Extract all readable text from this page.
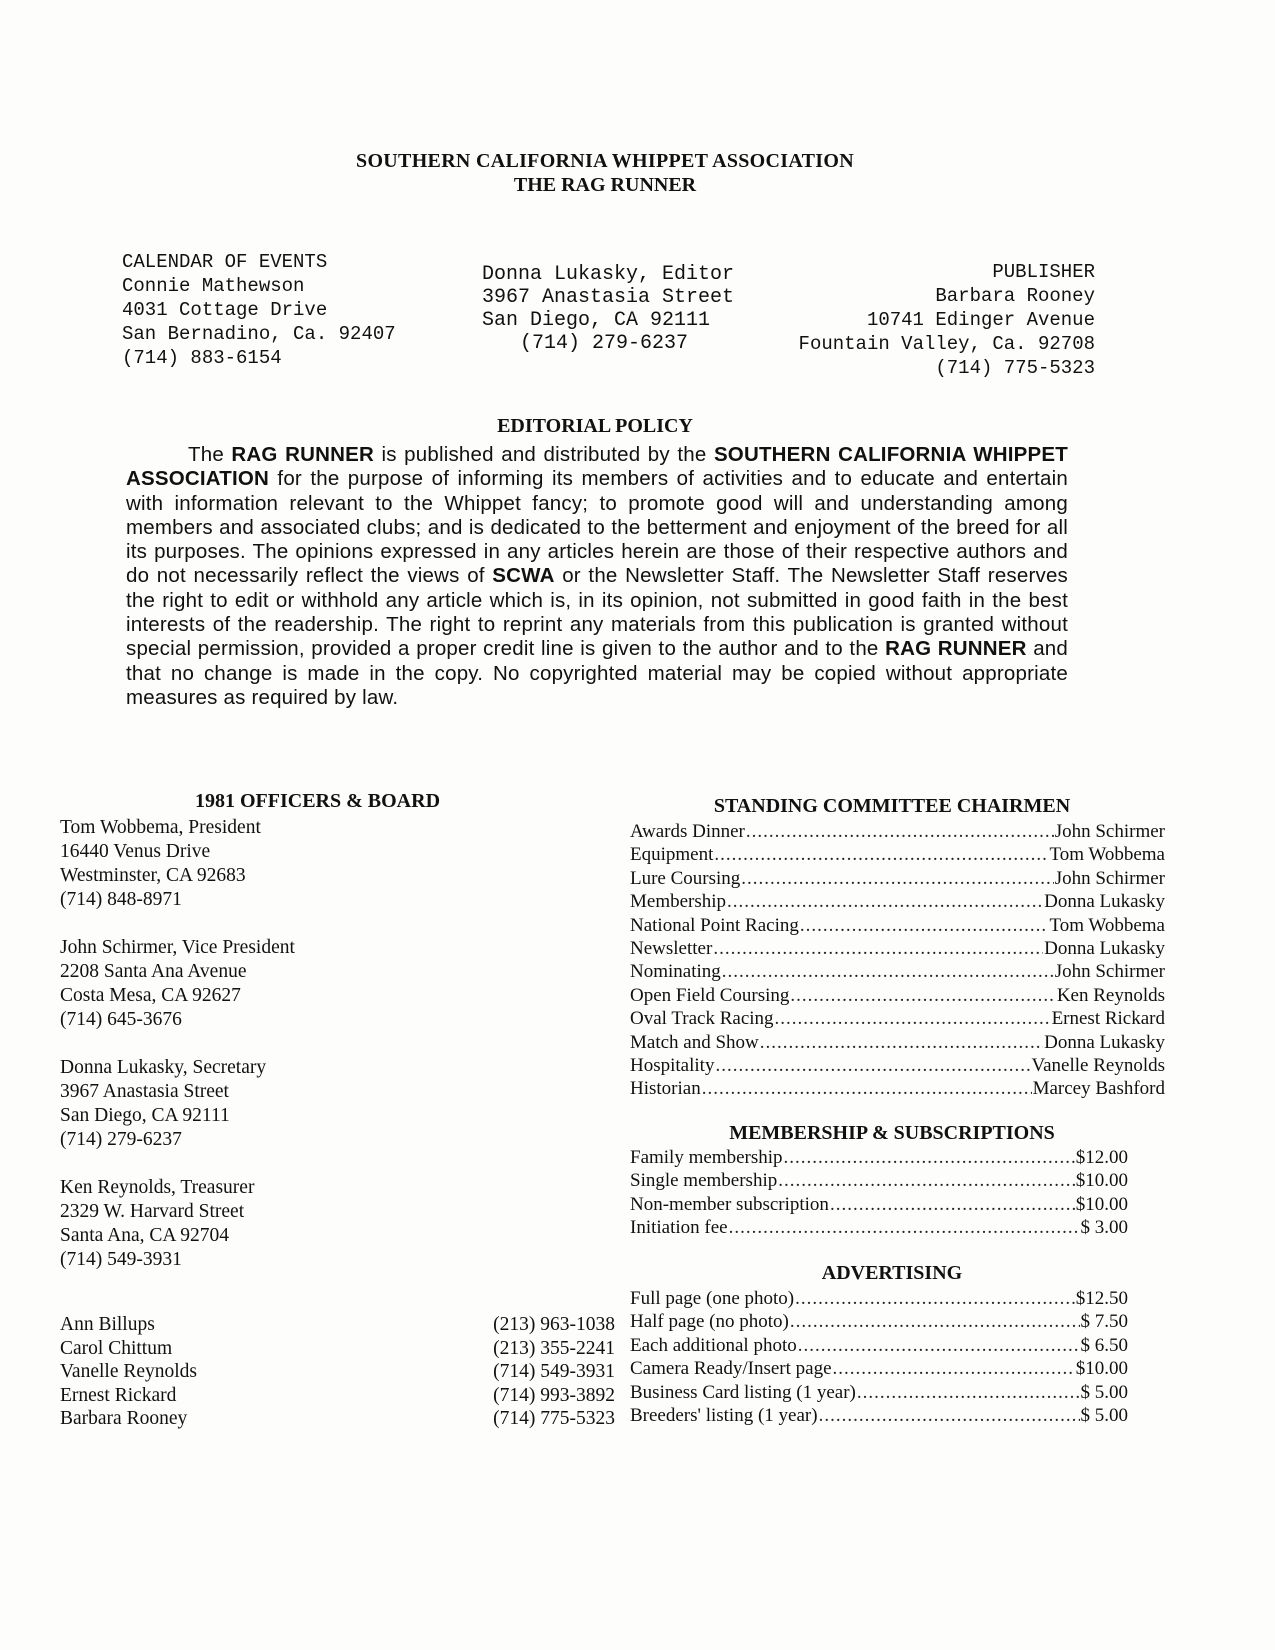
SOUTHERN CALIFORNIA WHIPPET ASSOCIATION
THE RAG RUNNER
CALENDAR OF EVENTS
Connie Mathewson
4031 Cottage Drive
San Bernadino, Ca. 92407
(714) 883-6154
Donna Lukasky, Editor
3967 Anastasia Street
San Diego, CA 92111
(714) 279-6237
PUBLISHER
Barbara Rooney
10741 Edinger Avenue
Fountain Valley, Ca. 92708
(714) 775-5323
EDITORIAL POLICY

The RAG RUNNER is published and distributed by the SOUTHERN CALIFORNIA WHIPPET ASSOCIATION for the purpose of informing its members of activities and to educate and entertain with information relevant to the Whippet fancy; to promote good will and understanding among members and associated clubs; and is dedicated to the betterment and enjoyment of the breed for all its purposes. The opinions expressed in any articles herein are those of their respective authors and do not necessarily reflect the views of SCWA or the Newsletter Staff. The Newsletter Staff reserves the right to edit or withhold any article which is, in its opinion, not submitted in good faith in the best interests of the readership. The right to reprint any materials from this publication is granted without special permission, provided a proper credit line is given to the author and to the RAG RUNNER and that no change is made in the copy. No copyrighted material may be copied without appropriate measures as required by law.

1981 OFFICERS & BOARD
Tom Wobbema, President
16440 Venus Drive
Westminster, CA 92683
(714) 848-8971
John Schirmer, Vice President
2208 Santa Ana Avenue
Costa Mesa, CA 92627
(714) 645-3676
Donna Lukasky, Secretary
3967 Anastasia Street
San Diego, CA 92111
(714) 279-6237
Ken Reynolds, Treasurer
2329 W. Harvard Street
Santa Ana, CA 92704
(714) 549-3931
Ann Billups	(213) 963-1038
Carol Chittum	(213) 355-2241
Vanelle Reynolds	(714) 549-3931
Ernest Rickard	(714) 993-3892
Barbara Rooney	(714) 775-5323
STANDING COMMITTEE CHAIRMEN
Awards Dinner .....	John Schirmer
Equipment .....	Tom Wobbema
Lure Coursing .....	John Schirmer
Membership .....	Donna Lukasky
National Point Racing .....	Tom Wobbema
Newsletter .....	Donna Lukasky
Nominating .....	John Schirmer
Open Field Coursing .....	Ken Reynolds
Oval Track Racing .....	Ernest Rickard
Match and Show .....	Donna Lukasky
Hospitality .....	Vanelle Reynolds
Historian .....	Marcey Bashford
MEMBERSHIP & SUBSCRIPTIONS
Family membership .....	$12.00
Single membership .....	$10.00
Non-member subscription .....	$10.00
Initiation fee .....	$ 3.00
ADVERTISING
Full page (one photo) .....	$12.50
Half page (no photo) .....	$ 7.50
Each additional photo .....	$ 6.50
Camera Ready/Insert page .....	$10.00
Business Card listing (1 year) .....	$ 5.00
Breeders' listing (1 year) .....	$ 5.00
